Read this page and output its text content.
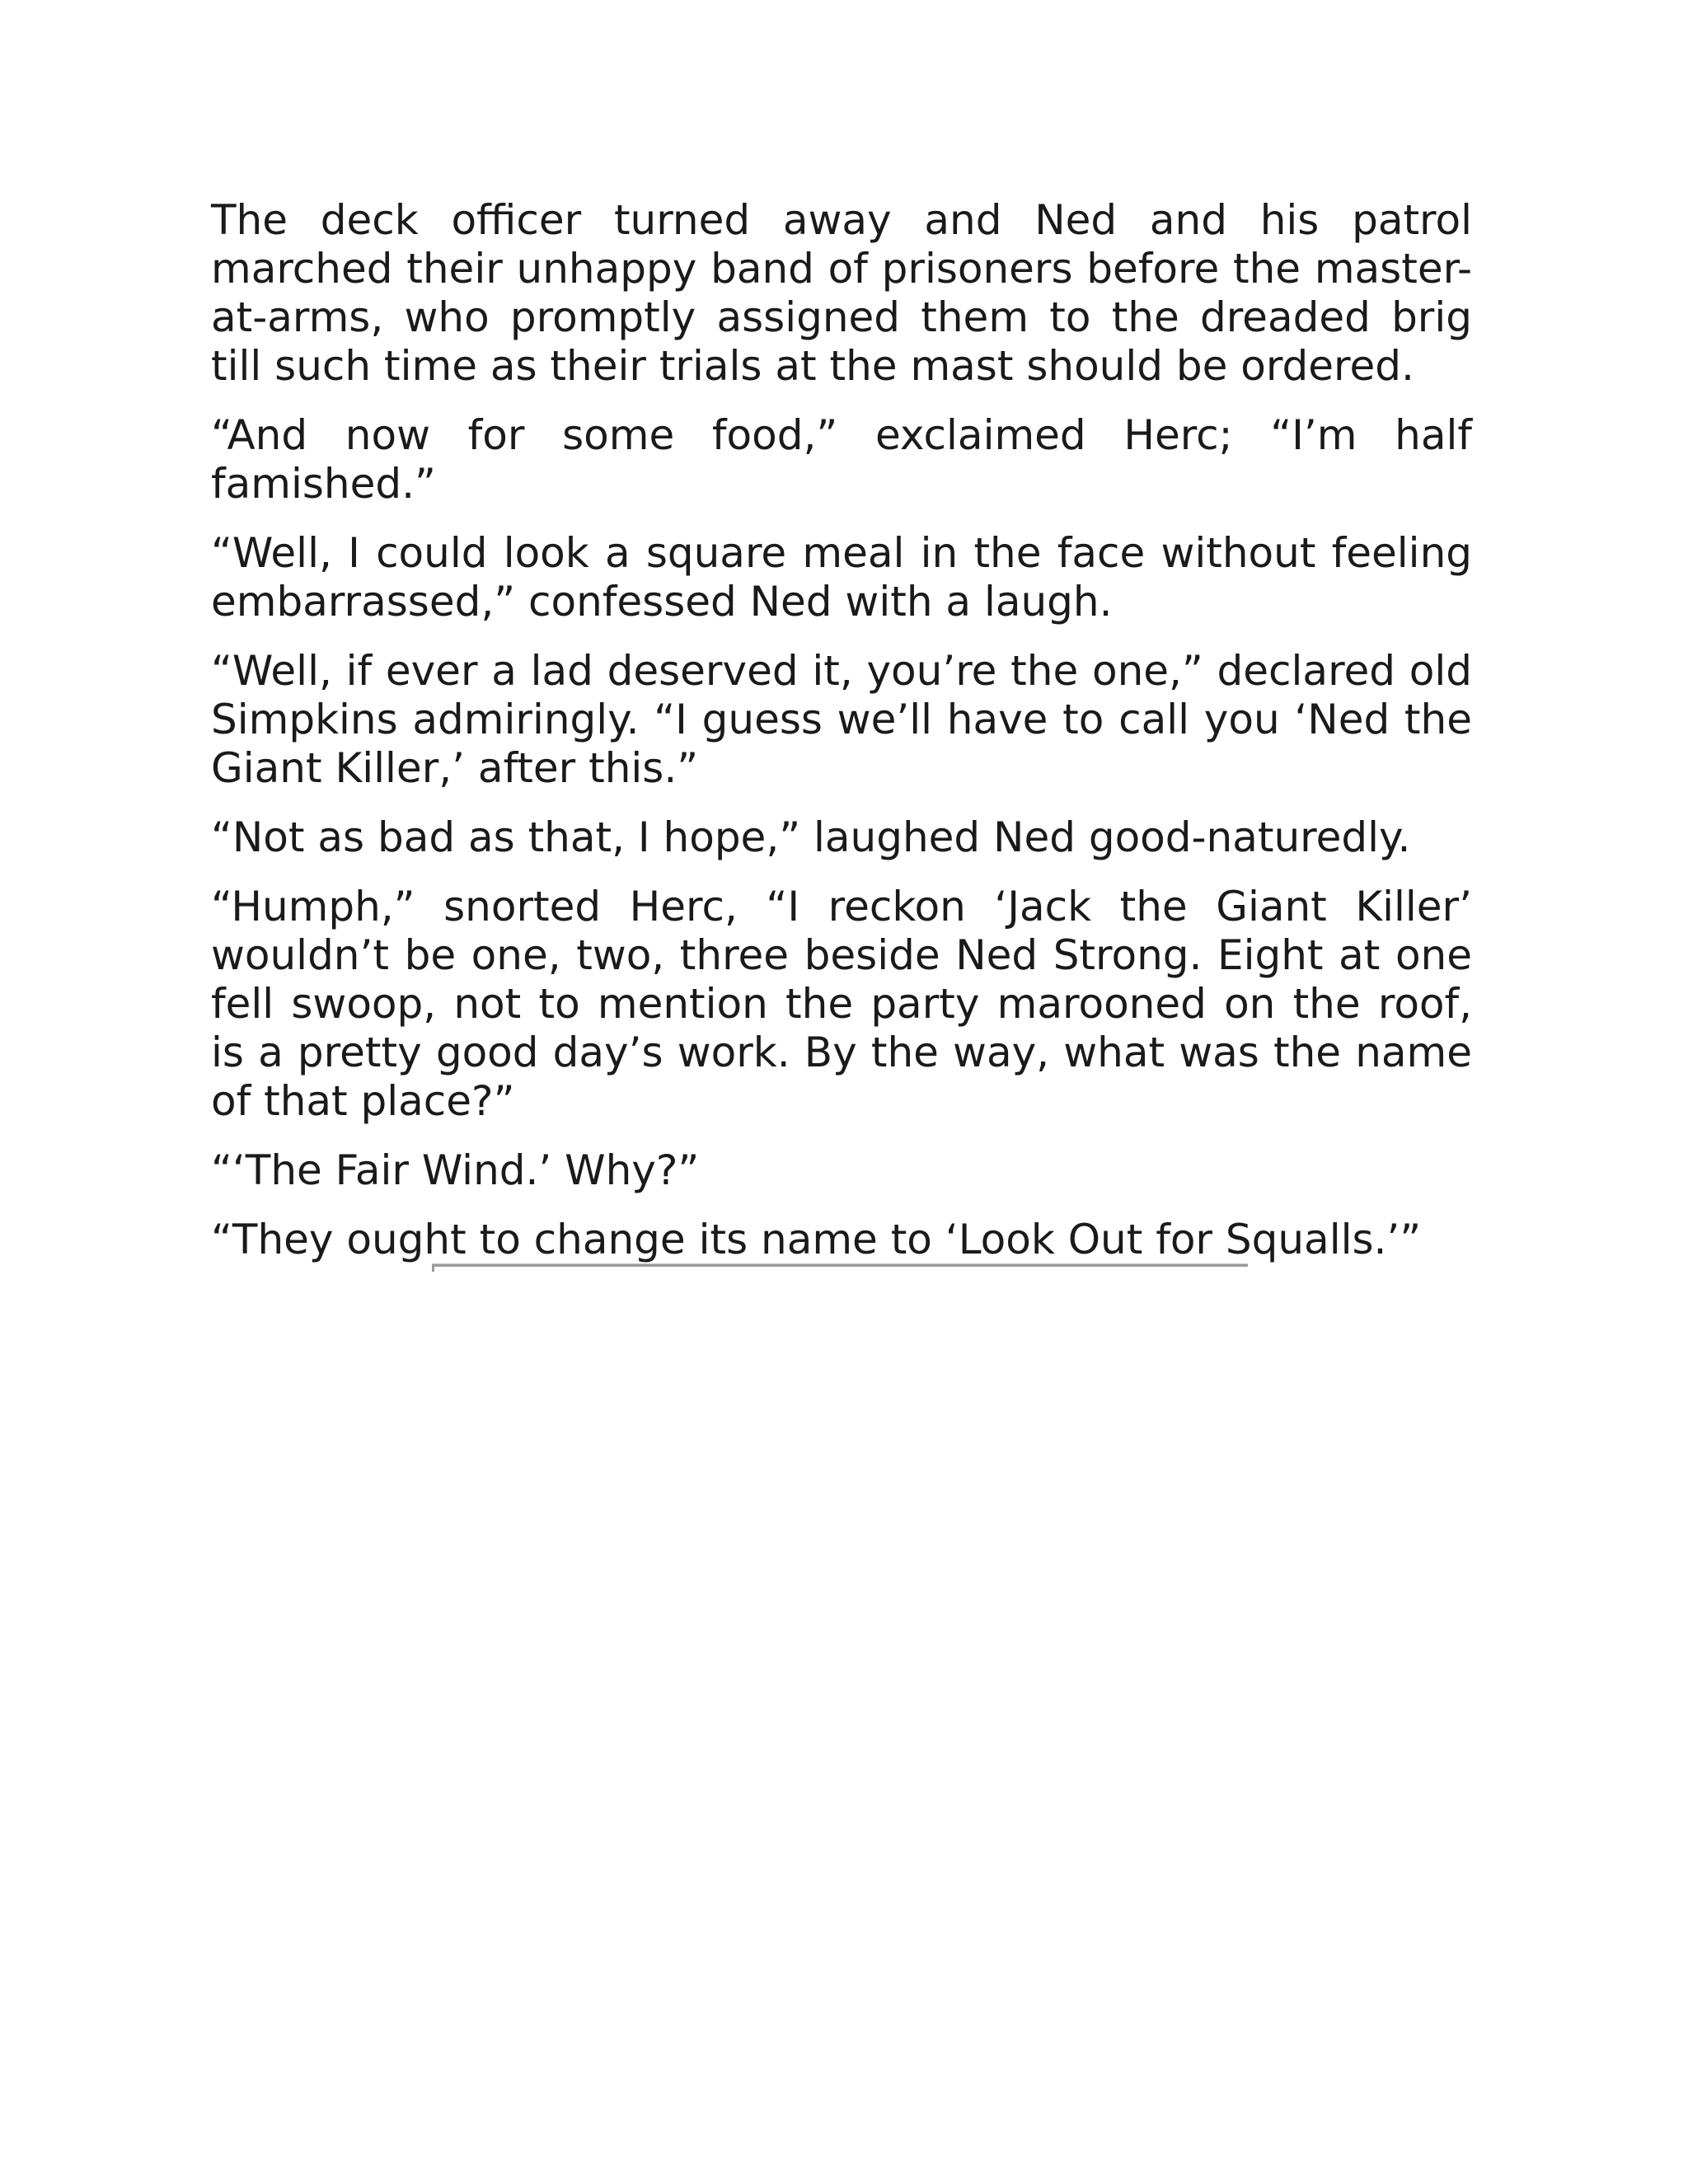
The deck officer turned away and Ned and his patrol marched their unhappy band of prisoners before the master-at-arms, who promptly assigned them to the dreaded brig till such time as their trials at the mast should be ordered.

“And now for some food,” exclaimed Herc; “I’m half famished.”

“Well, I could look a square meal in the face without feeling embarrassed,” confessed Ned with a laugh.

“Well, if ever a lad deserved it, you’re the one,” declared old Simpkins admiringly. “I guess we’ll have to call you ‘Ned the Giant Killer,’ after this.”

“Not as bad as that, I hope,” laughed Ned good-naturedly.

“Humph,” snorted Herc, “I reckon ‘Jack the Giant Killer’ wouldn’t be one, two, three beside Ned Strong. Eight at one fell swoop, not to mention the party marooned on the roof, is a pretty good day’s work. By the way, what was the name of that place?”

“‘The Fair Wind.’ Why?”

“They ought to change its name to ‘Look Out for Squalls.’”
